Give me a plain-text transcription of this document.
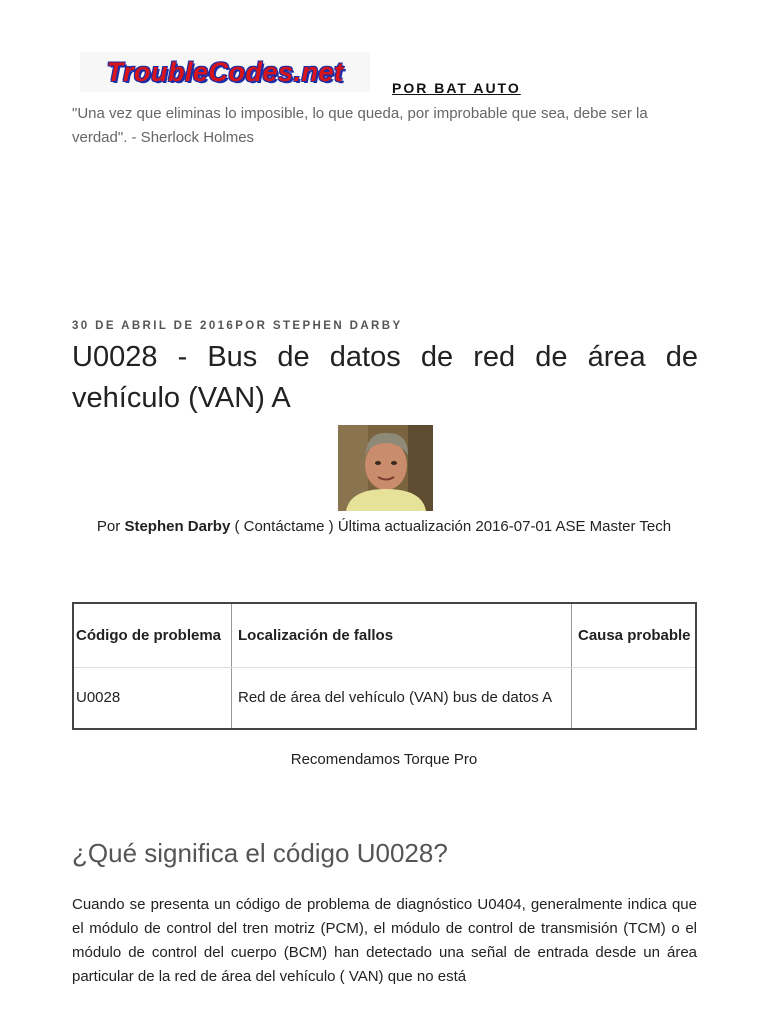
TroubleCodes.net
POR BAT AUTO

"Una vez que eliminas lo imposible, lo que queda, por improbable que sea, debe ser la verdad". - Sherlock Holmes

30 DE ABRIL DE 2016POR STEPHEN DARBY
U0028 - Bus de datos de red de área de vehículo (VAN) A
Por Stephen Darby ( Contáctame ) Última actualización 2016-07-01 ASE Master Tech
Código de problema	Localización de fallos	Causa probable
U0028	Red de área del vehículo (VAN) bus de datos A	
Recomendamos Torque Pro
¿Qué significa el código U0028?

Cuando se presenta un código de problema de diagnóstico U0404, generalmente indica que el módulo de control del tren motriz (PCM), el módulo de control de transmisión (TCM) o el módulo de control del cuerpo (BCM) han detectado una señal de entrada desde un área particular de la red de área del vehículo ( VAN) que no está
